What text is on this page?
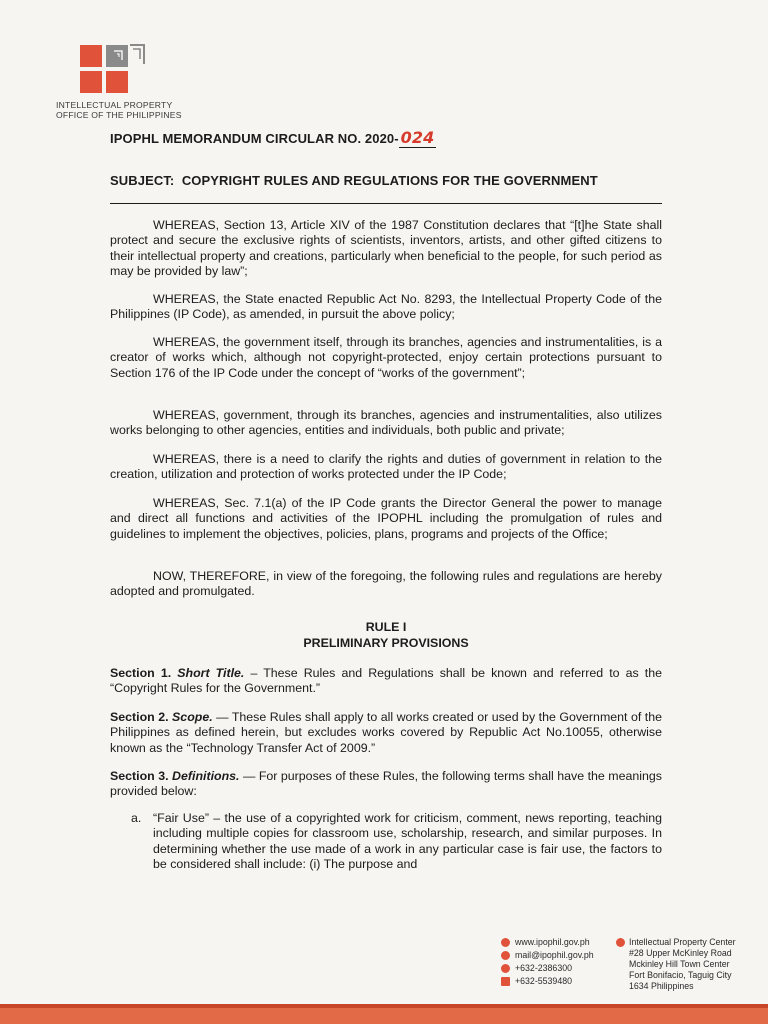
INTELLECTUAL PROPERTY
OFFICE OF THE PHILIPPINES
IPOPHL MEMORANDUM CIRCULAR NO. 2020- 024
SUBJECT: COPYRIGHT RULES AND REGULATIONS FOR THE GOVERNMENT
WHEREAS, Section 13, Article XIV of the 1987 Constitution declares that “[t]he State shall protect and secure the exclusive rights of scientists, inventors, artists, and other gifted citizens to their intellectual property and creations, particularly when beneficial to the people, for such period as may be provided by law”;
WHEREAS, the State enacted Republic Act No. 8293, the Intellectual Property Code of the Philippines (IP Code), as amended, in pursuit the above policy;
WHEREAS, the government itself, through its branches, agencies and instrumentalities, is a creator of works which, although not copyright-protected, enjoy certain protections pursuant to Section 176 of the IP Code under the concept of “works of the government”;
WHEREAS, government, through its branches, agencies and instrumentalities, also utilizes works belonging to other agencies, entities and individuals, both public and private;
WHEREAS, there is a need to clarify the rights and duties of government in relation to the creation, utilization and protection of works protected under the IP Code;
WHEREAS, Sec. 7.1(a) of the IP Code grants the Director General the power to manage and direct all functions and activities of the IPOPHL including the promulgation of rules and guidelines to implement the objectives, policies, plans, programs and projects of the Office;
NOW, THEREFORE, in view of the foregoing, the following rules and regulations are hereby adopted and promulgated.
RULE I
PRELIMINARY PROVISIONS
Section 1. Short Title. – These Rules and Regulations shall be known and referred to as the “Copyright Rules for the Government.”
Section 2. Scope. — These Rules shall apply to all works created or used by the Government of the Philippines as defined herein, but excludes works covered by Republic Act No.10055, otherwise known as the “Technology Transfer Act of 2009.”
Section 3. Definitions. — For purposes of these Rules, the following terms shall have the meanings provided below:
a. “Fair Use” – the use of a copyrighted work for criticism, comment, news reporting, teaching including multiple copies for classroom use, scholarship, research, and similar purposes. In determining whether the use made of a work in any particular case is fair use, the factors to be considered shall include: (i) The purpose and
www.ipophil.gov.ph
mail@ipophil.gov.ph
+632-2386300
+632-5539480
Intellectual Property Center
#28 Upper McKinley Road
Mckinley Hill Town Center
Fort Bonifacio, Taguig City
1634 Philippines
